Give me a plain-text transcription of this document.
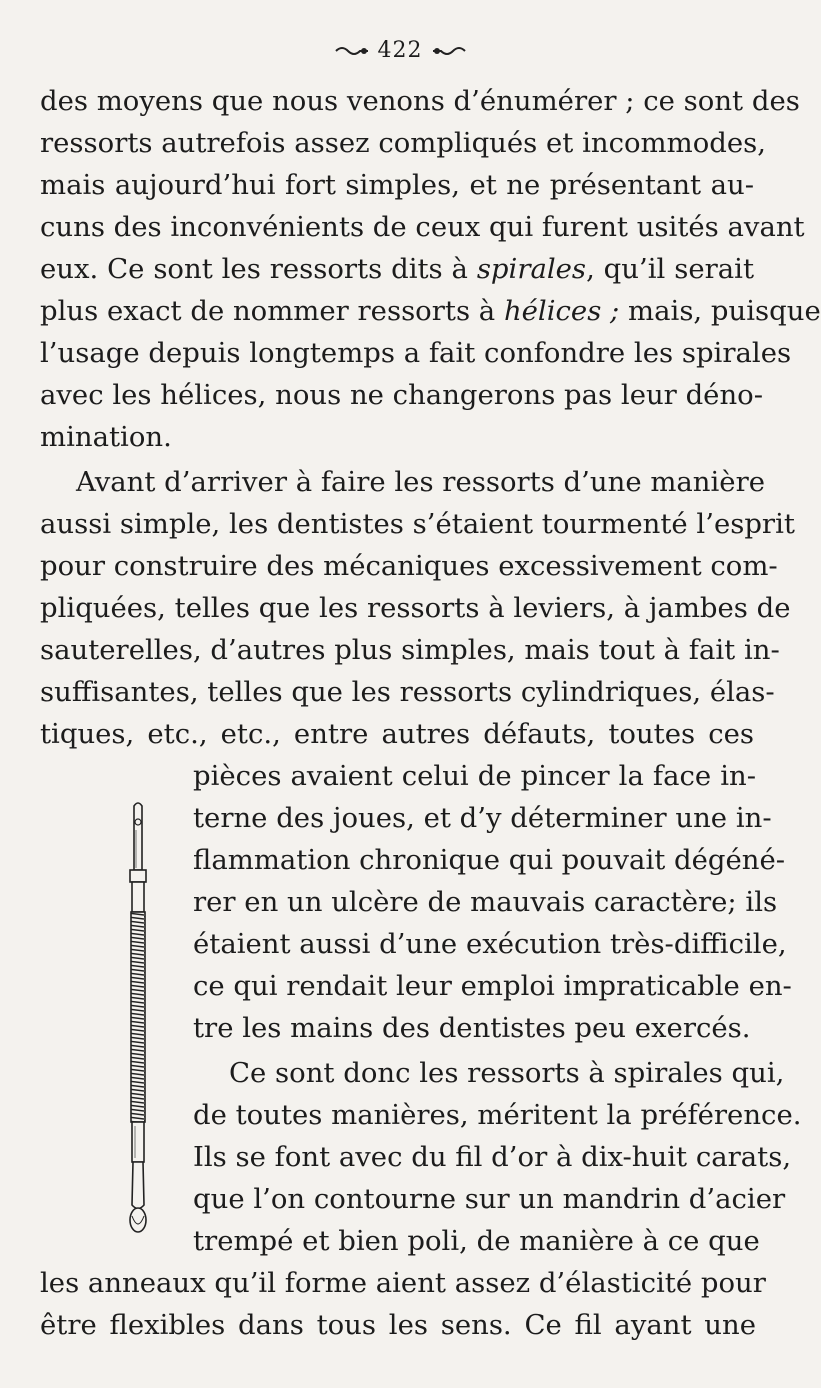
422
des moyens que nous venons d’énumérer ; ce sont des
ressorts autrefois assez compliqués et incommodes,
mais aujourd’hui fort simples, et ne présentant au-
cuns des inconvénients de ceux qui furent usités avant
eux. Ce sont les ressorts dits à spirales, qu’il serait
plus exact de nommer ressorts à hélices ; mais, puisque
l’usage depuis longtemps a fait confondre les spirales
avec les hélices, nous ne changerons pas leur déno-
mination.
Avant d’arriver à faire les ressorts d’une manière
aussi simple, les dentistes s’étaient tourmenté l’esprit
pour construire des mécaniques excessivement com-
pliquées, telles que les ressorts à leviers, à jambes de
sauterelles, d’autres plus simples, mais tout à fait in-
suffisantes, telles que les ressorts cylindriques, élas-
tiques, etc., etc., entre autres défauts, toutes ces
pièces avaient celui de pincer la face in-
terne des joues, et d’y déterminer une in-
flammation chronique qui pouvait dégéné-
rer en un ulcère de mauvais caractère; ils
étaient aussi d’une exécution très-difficile,
ce qui rendait leur emploi impraticable en-
tre les mains des dentistes peu exercés.
Ce sont donc les ressorts à spirales qui,
de toutes manières, méritent la préférence.
Ils se font avec du fil d’or à dix-huit carats,
que l’on contourne sur un mandrin d’acier
trempé et bien poli, de manière à ce que
les anneaux qu’il forme aient assez d’élasticité pour
être flexibles dans tous les sens. Ce fil ayant une
